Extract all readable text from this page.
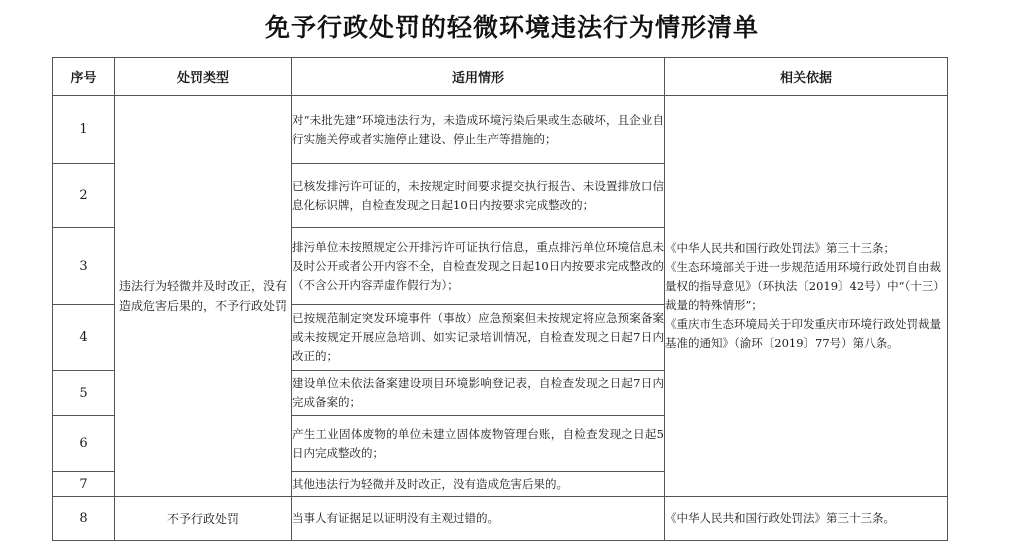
免予行政处罚的轻微环境违法行为情形清单
序号	处罚类型	适用情形	相关依据
1	违法行为轻微并及时改正，没有造成危害后果的，不予行政处罚	对“未批先建”环境违法行为，未造成环境污染后果或生态破坏，且企业自行实施关停或者实施停止建设、停止生产等措施的；	《中华人民共和国行政处罚法》第三十三条；

《生态环境部关于进一步规范适用环境行政处罚自由裁量权的指导意见》（环执法〔2019〕42号）中“（十三）裁量的特殊情形”；

《重庆市生态环境局关于印发重庆市环境行政处罚裁量基准的通知》（渝环〔2019〕77号）第八条。

2		已核发排污许可证的，未按规定时间要求提交执行报告、未设置排放口信息化标识牌，自检查发现之日起10日内按要求完成整改的；	
3		排污单位未按照规定公开排污许可证执行信息，重点排污单位环境信息未及时公开或者公开内容不全，自检查发现之日起10日内按要求完成整改的（不含公开内容弄虚作假行为）；	
4		已按规范制定突发环境事件（事故）应急预案但未按规定将应急预案备案或未按规定开展应急培训、如实记录培训情况，自检查发现之日起7日内改正的；	
5		建设单位未依法备案建设项目环境影响登记表，自检查发现之日起7日内完成备案的；	
6		产生工业固体废物的单位未建立固体废物管理台账，自检查发现之日起5日内完成整改的；	
7		其他违法行为轻微并及时改正，没有造成危害后果的。	
8	不予行政处罚	当事人有证据足以证明没有主观过错的。	《中华人民共和国行政处罚法》第三十三条。
